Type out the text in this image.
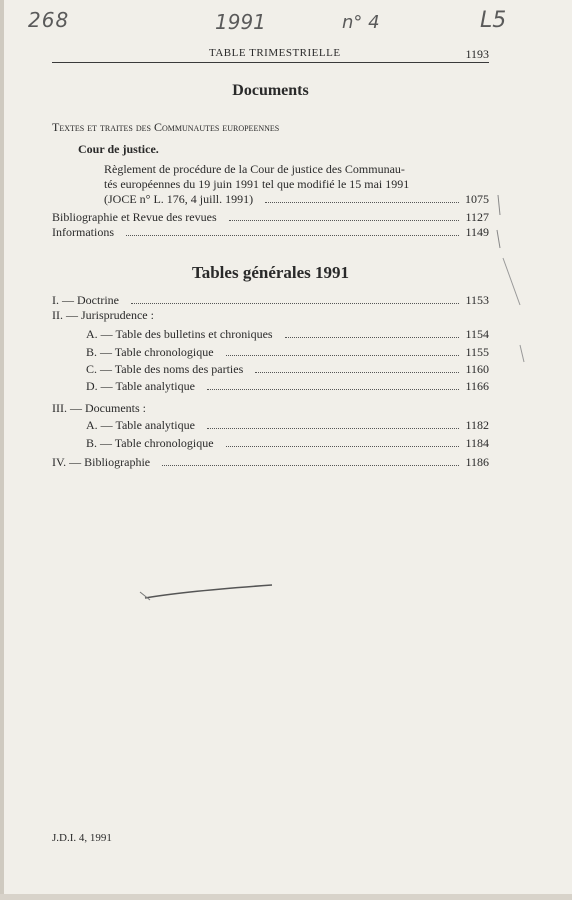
268	1991	n° 4	L5
TABLE TRIMESTRIELLE	1193
Documents
Textes et traites des Communautes europeennes
Cour de justice.
Règlement de procédure de la Cour de justice des Communau-
tés européennes du 19 juin 1991 tel que modifié le 15 mai 1991
(JOCE n° L. 176, 4 juill. 1991)	1075
Bibliographie et Revue des revues	1127
Informations	1149
Tables générales 1991
I. — Doctrine	1153
II. — Jurisprudence :
A. — Table des bulletins et chroniques	1154
B. — Table chronologique	1155
C. — Table des noms des parties	1160
D. — Table analytique	1166
III. — Documents :
A. — Table analytique	1182
B. — Table chronologique	1184
IV. — Bibliographie	1186
J.D.I. 4, 1991
